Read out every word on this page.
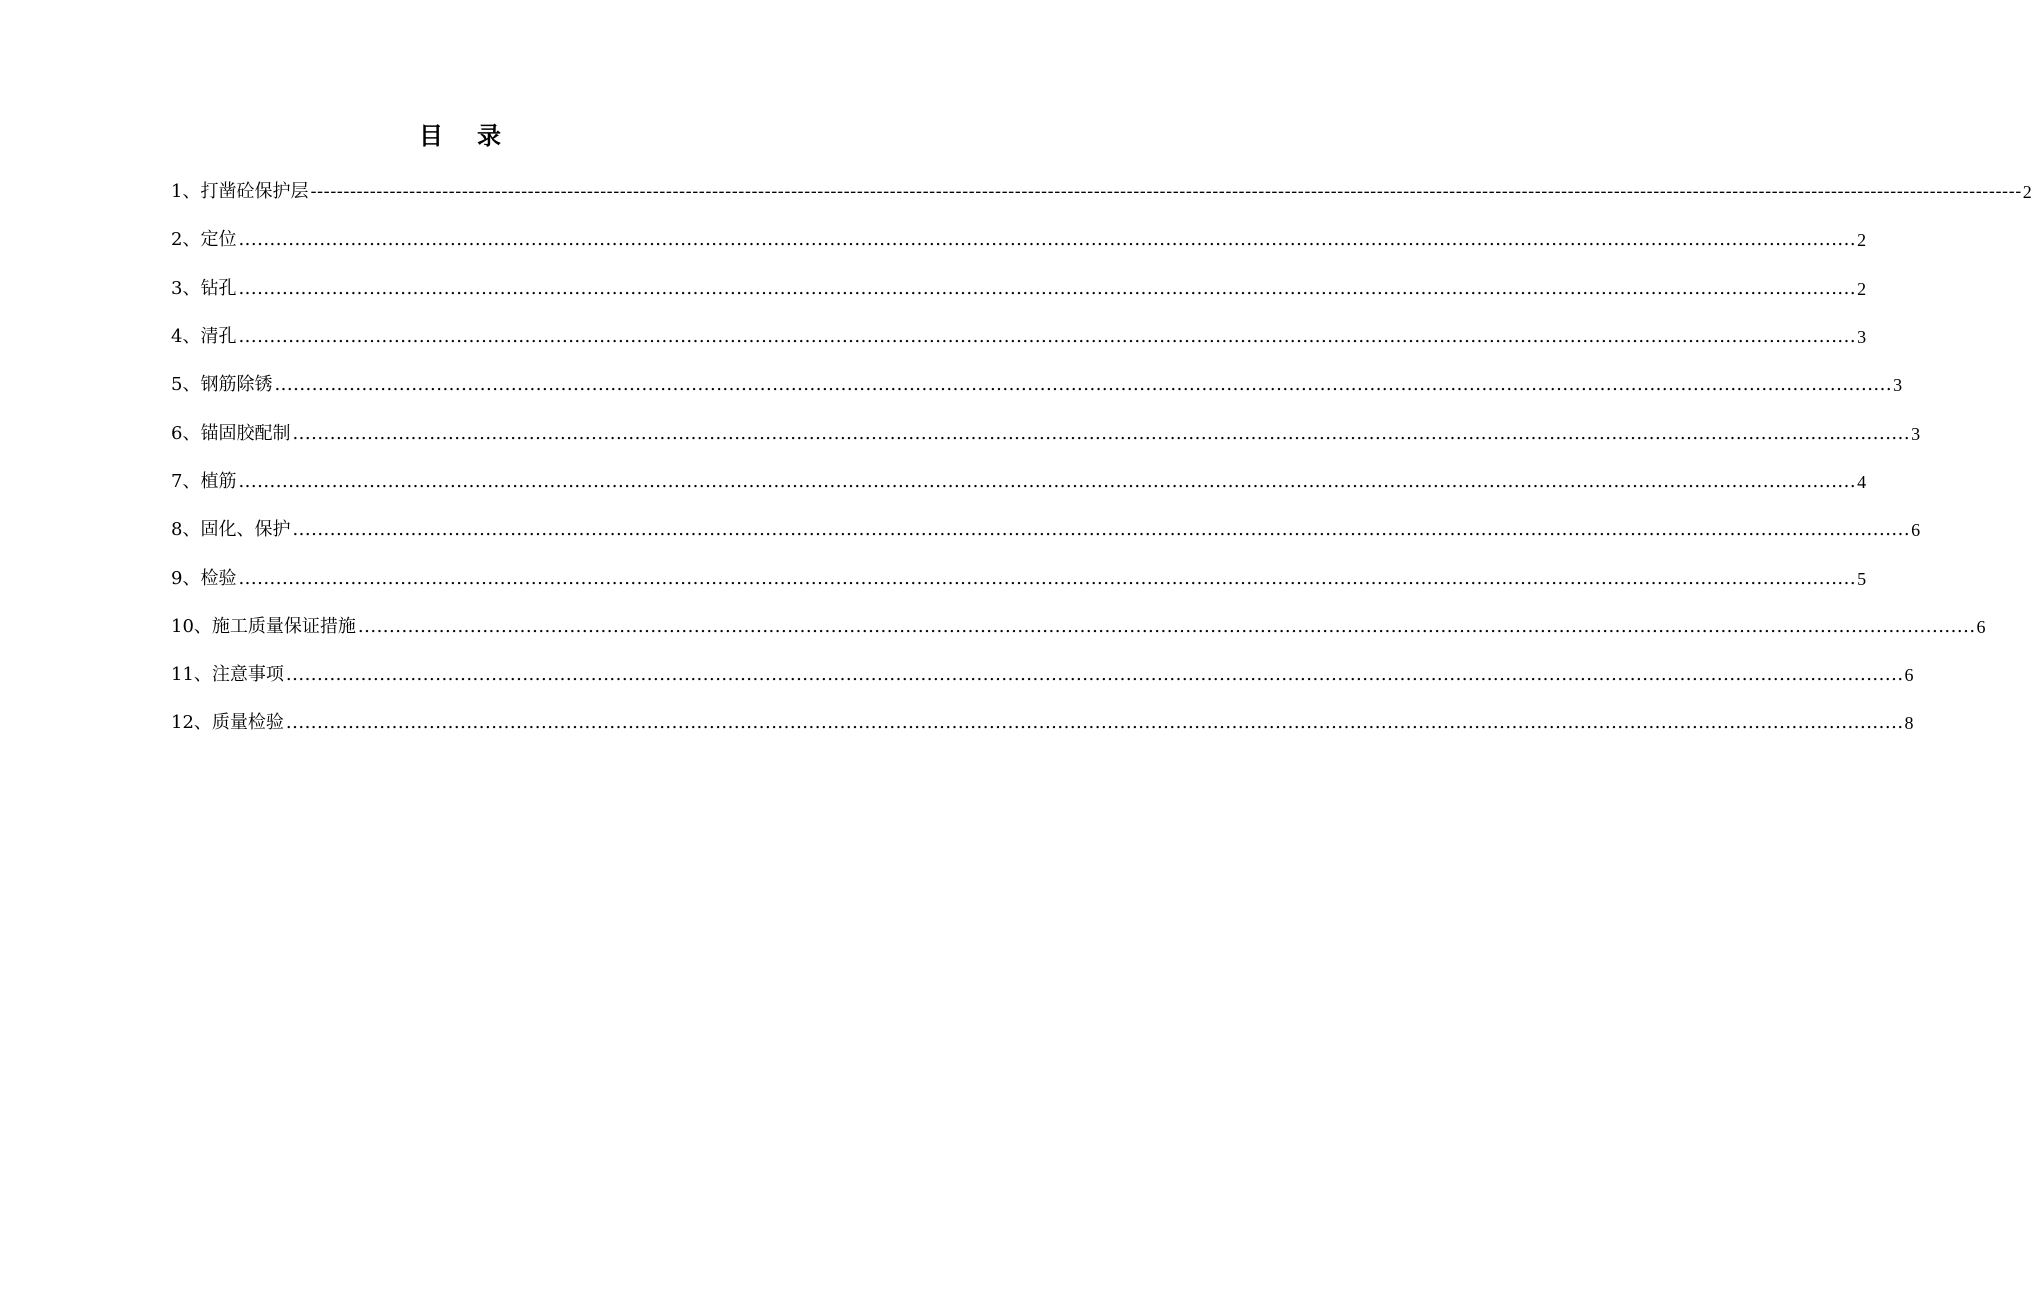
目 录
1、打凿砼保护层 -------------------------------------------------------------------------------------------------------------------------------------------------------------------------------------------------------------------------------------------------------------------- 2
2、定位 .................................................................................................................................................................................................................................................................... 2
3、钻孔 .................................................................................................................................................................................................................................................................... 2
4、清孔 .................................................................................................................................................................................................................................................................... 3
5、钢筋除锈 .................................................................................................................................................................................................................................................................... 3
6、锚固胶配制 .................................................................................................................................................................................................................................................................... 3
7、植筋 .................................................................................................................................................................................................................................................................... 4
8、固化、保护 .................................................................................................................................................................................................................................................................... 6
9、检验 .................................................................................................................................................................................................................................................................... 5
10、施工质量保证措施 .................................................................................................................................................................................................................................................................... 6
11、注意事项 .................................................................................................................................................................................................................................................................... 6
12、质量检验 .................................................................................................................................................................................................................................................................... 8
